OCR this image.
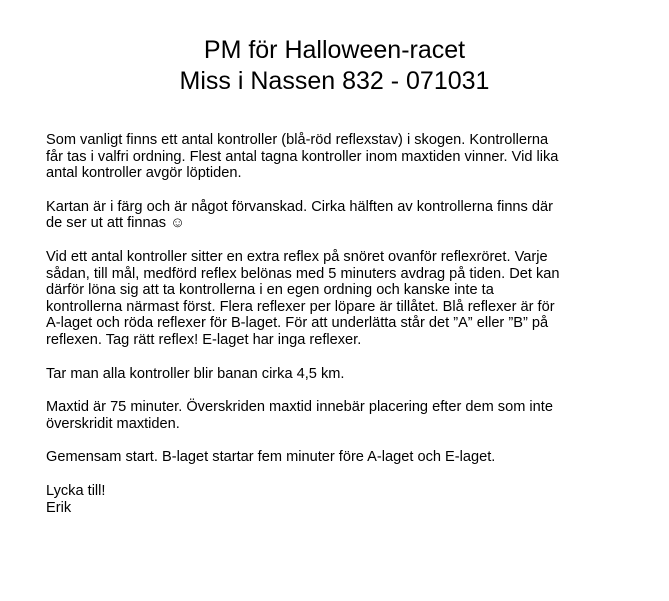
PM för Halloween-racet
Miss i Nassen 832 - 071031

Som vanligt finns ett antal kontroller (blå-röd reflexstav) i skogen. Kontrollerna
får tas i valfri ordning. Flest antal tagna kontroller inom maxtiden vinner. Vid lika
antal kontroller avgör löptiden.

Kartan är i färg och är något förvanskad. Cirka hälften av kontrollerna finns där
de ser ut att finnas ☺

Vid ett antal kontroller sitter en extra reflex på snöret ovanför reflexröret. Varje
sådan, till mål, medförd reflex belönas med 5 minuters avdrag på tiden. Det kan
därför löna sig att ta kontrollerna i en egen ordning och kanske inte ta
kontrollerna närmast först. Flera reflexer per löpare är tillåtet. Blå reflexer är för
A-laget och röda reflexer för B-laget. För att underlätta står det ”A” eller ”B” på
reflexen. Tag rätt reflex! E-laget har inga reflexer.

Tar man alla kontroller blir banan cirka 4,5 km.

Maxtid är 75 minuter. Överskriden maxtid innebär placering efter dem som inte
överskridit maxtiden.

Gemensam start. B-laget startar fem minuter före A-laget och E-laget.

Lycka till!
Erik
